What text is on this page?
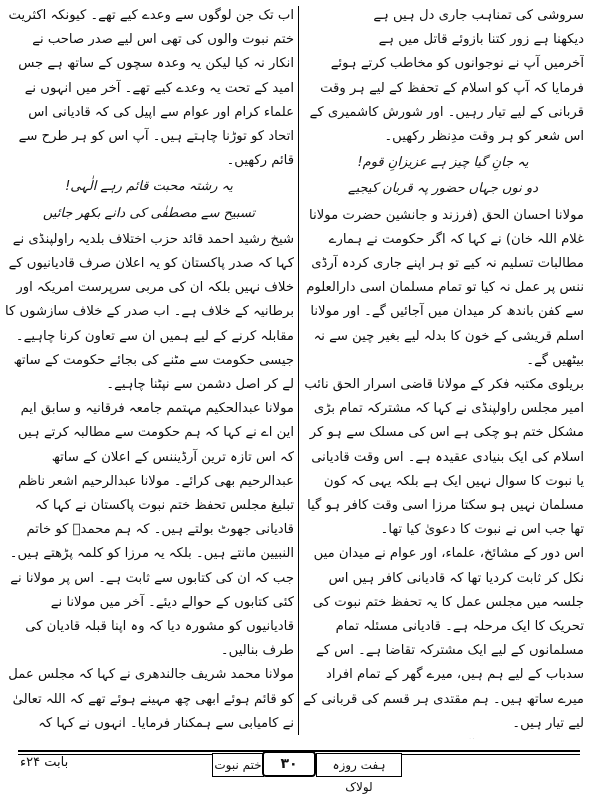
سروشی کی تمناہب جاری دل ہیں ہے

دیکھنا ہے زور کتنا بازوئے قاتل میں ہے

آخرمیں آپ نے نوجوانوں کو مخاطب کرتے ہوئے فرمایا کہ آپ کو اسلام کے تحفظ کے لیے ہر وقت قربانی کے لیے تیار رہیں۔ اور شورش کاشمیری کے اس شعر کو ہر وقت مدِنظر رکھیں۔

یہ جانِ گیا چیز ہے عزیزانِ قوم!

دو نوں جہاں حضور پہ قربان کیجیے

مولانا احسان الحق (فرزند و جانشین حضرت مولانا غلام اللہ خان) نے کہا کہ اگر حکومت نے ہمارے مطالبات تسلیم نہ کیے تو ہر اپنے جاری کردہ آرڈی ننس پر عمل نہ کیا تو تمام مسلمان اسی دارالعلوم سے کفن باندھ کر میدان میں آجائیں گے۔ اور مولانا اسلم قریشی کے خون کا بدلہ لیے بغیر چین سے نہ بیٹھیں گے۔

بریلوی مکتبہ فکر کے مولانا قاضی اسرار الحق نائب امیر مجلس راولپنڈی نے کہا کہ مشترکہ تمام بڑی مشکل ختم ہو چکی ہے اس کی مسلک سے ہو کر اسلام کی ایک بنیادی عقیدہ ہے۔ اس وقت قادیانی یا نبوت کا سوال نہیں ایک ہے بلکہ یہی کہ کون مسلمان نہیں ہو سکتا مرزا اسی وقت کافر ہو گیا تھا جب اس نے نبوت کا دعویٰ کیا تھا۔

اس دور کے مشائخ، علماء، اور عوام نے میدان میں نکل کر ثابت کردیا تھا کہ قادیانی کافر ہیں اس جلسہ میں مجلس عمل کا یہ تحفظ ختم نبوت کی تحریک کا ایک مرحلہ ہے۔ قادیانی مسئلہ تمام مسلمانوں کے لیے ایک مشترکہ تقاضا ہے۔ اس کے سدباب کے لیے ہم ہیں، میرے گھر کے تمام افراد میرے ساتھ ہیں۔ ہم مقتدی ہر قسم کی قربانی کے لیے تیار ہیں۔

اب تک جن لوگوں سے وعدے کیے تھے۔ کیونکہ اکثریت ختم نبوت والوں کی تھی اس لیے صدر صاحب نے انکار نہ کیا لیکن یہ وعدہ سچوں کے ساتھ ہے جس امید کے تحت یہ وعدے کیے تھے۔ آخر میں انہوں نے علماء کرام اور عوام سے اپیل کی کہ قادیانی اس اتحاد کو توڑنا چاہتے ہیں۔ آپ اس کو ہر طرح سے قائم رکھیں۔

یہ رشتہ محبت قائم رہے الٰہی!

تسبیح سے مصطفٰی کی دانے بکھر جائیں

شیخ رشید احمد قائد حزب اختلاف بلدیہ راولپنڈی نے کہا کہ صدر پاکستان کو یہ اعلان صرف قادیانیوں کے خلاف نہیں بلکہ ان کی مربی سرپرست امریکہ اور برطانیہ کے خلاف ہے۔ اب صدر کے خلاف سازشوں کا مقابلہ کرنے کے لیے ہمیں ان سے تعاون کرنا چاہیے۔ جیسی حکومت سے مٹنے کی بجائے حکومت کے ساتھ لے کر اصل دشمن سے نپٹنا چاہیے۔

مولانا عبدالحکیم مہتمم جامعہ فرقانیہ و سابق ایم این اے نے کہا کہ ہم حکومت سے مطالبہ کرتے ہیں کہ اس تازہ ترین آرڈیننس کے اعلان کے ساتھ عبدالرحیم بھی کرائے۔ مولانا عبدالرحیم اشعر ناظم تبلیغ مجلس تحفظ ختم نبوت پاکستان نے کہا کہ قادیانی جھوٹ بولتے ہیں۔ کہ ہم محمدؐ کو خاتم النبیین مانتے ہیں۔ بلکہ یہ مرزا کو کلمہ پڑھتے ہیں۔ جب کہ ان کی کتابوں سے ثابت ہے۔ اس پر مولانا نے کئی کتابوں کے حوالے دیئے۔ آخر میں مولانا نے قادیانیوں کو مشورہ دیا کہ وہ اپنا قبلہ قادیان کی طرف بنالیں۔

مولانا محمد شریف جالندھری نے کہا کہ مجلس عمل کو قائم ہوئے ابھی چھ مہینے ہوئے تھے کہ اللہ تعالیٰ نے کامیابی سے ہمکنار فرمایا۔ انہوں نے کہا کہ

بابت ۲۴ء	ختم نبوت ۳۰	ہفت روزہ لولاک
